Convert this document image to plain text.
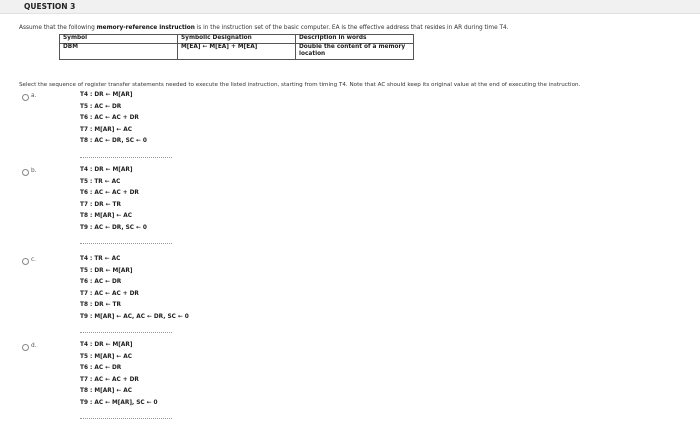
QUESTION 3
Assume that the following memory-reference instruction is in the instruction set of the basic computer. EA is the effective address that resides in AR during time T4.
Symbol	Symbolic Designation	Description in words
DBM	M[EA] ← M[EA] + M[EA]	Double the content of a memory location
Select the sequence of register transfer statements needed to execute the listed instruction, starting from timing T4. Note that AC should keep its original value at the end of executing the instruction.
a.	T4 : DR ← M[AR]
T5 : AC ← DR
T6 : AC ← AC + DR
T7 : M[AR] ← AC
T8 : AC ← DR, SC ← 0
b.	T4 : DR ← M[AR]
T5 : TR ← AC
T6 : AC ← AC + DR
T7 : DR ← TR
T8 : M[AR] ← AC
T9 : AC ← DR, SC ← 0
c.	T4 : TR ← AC
T5 : DR ← M[AR]
T6 : AC ← DR
T7 : AC ← AC + DR
T8 : DR ← TR
T9 : M[AR] ← AC, AC ← DR, SC ← 0
d.	T4 : DR ← M[AR]
T5 : M[AR] ← AC
T6 : AC ← DR
T7 : AC ← AC + DR
T8 : M[AR] ← AC
T9 : AC ← M[AR], SC ← 0
